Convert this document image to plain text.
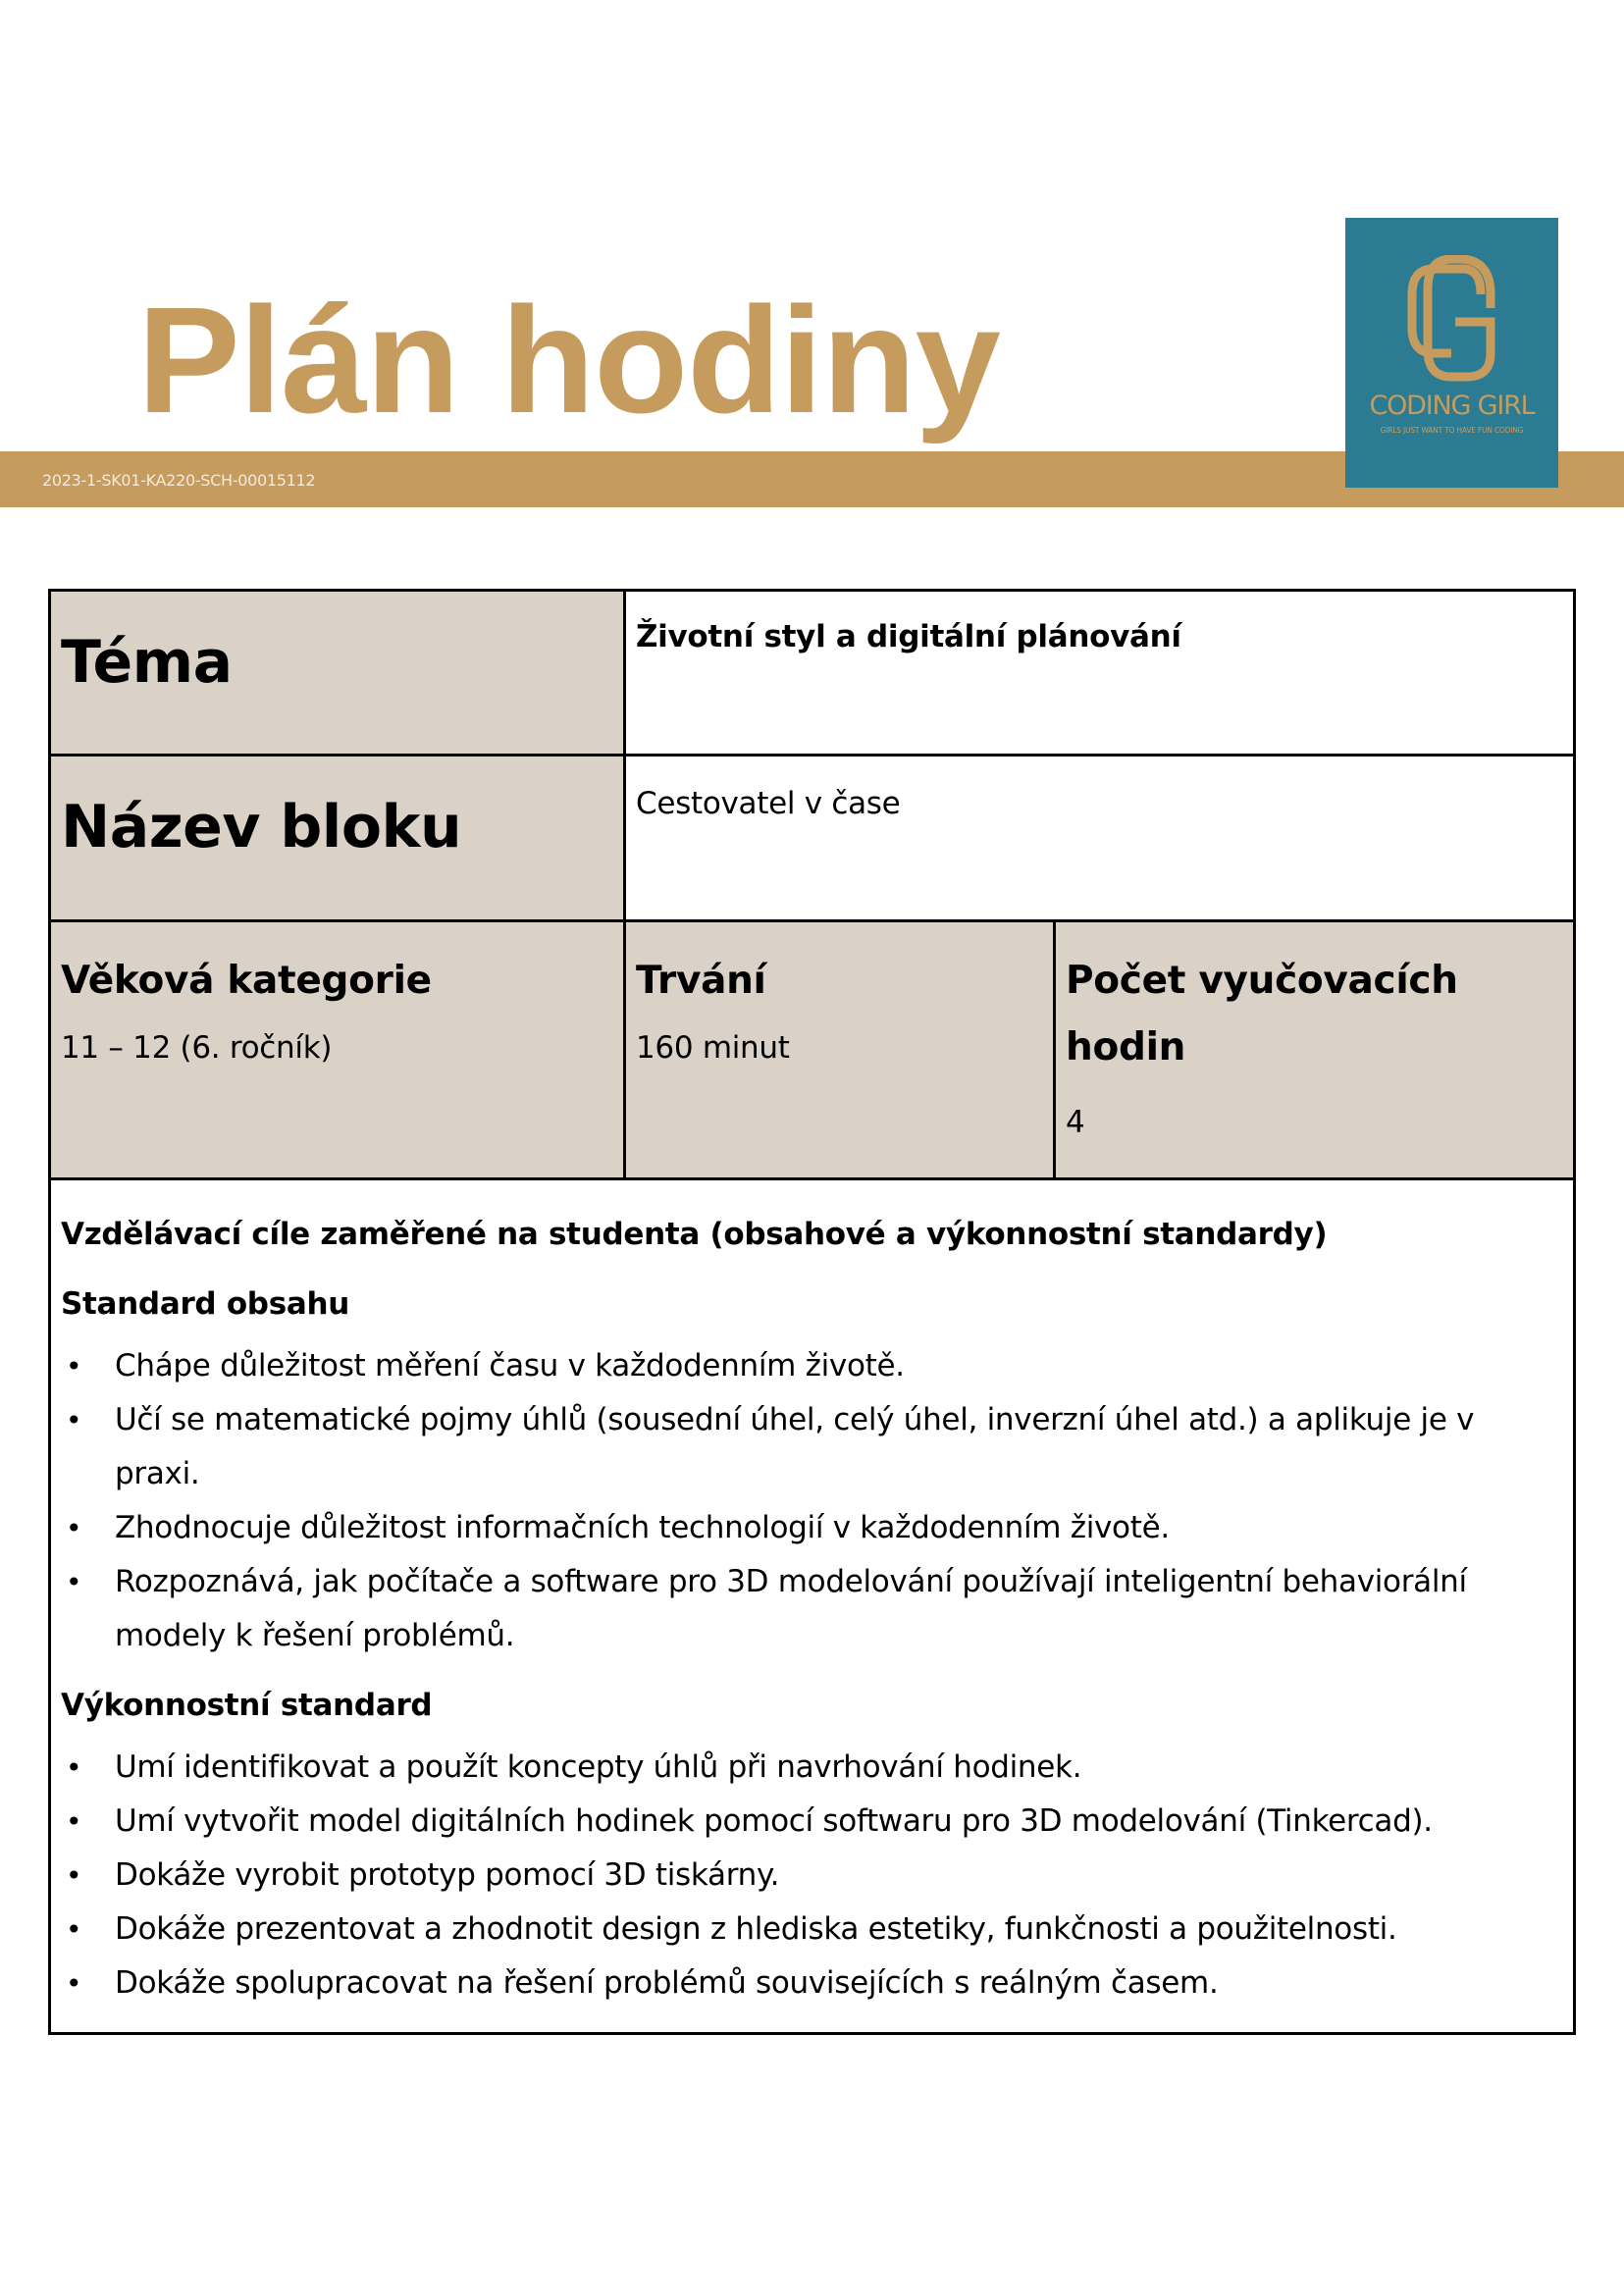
2023-1-SK01-KA220-SCH-00015112
Plán hodiny	CODING GIRL
GIRLS JUST WANT TO HAVE FUN CODING
Téma	Životní styl a digitální plánování	

Název bloku	Cestovatel v čase	

Věková kategorie
11 – 12 (6. ročník)

Trvání
160 minut

Počet vyučovacích hodin
4

Vzdělávací cíle zaměřené na studenta (obsahové a výkonnostní standardy)
Standard obsahu
• Chápe důležitost měření času v každodenním životě.
• Učí se matematické pojmy úhlů (sousední úhel, celý úhel, inverzní úhel atd.) a aplikuje je v praxi.
• Zhodnocuje důležitost informačních technologií v každodenním životě.
• Rozpoznává, jak počítače a software pro 3D modelování používají inteligentní behaviorální modely k řešení problémů.
Výkonnostní standard
• Umí identifikovat a použít koncepty úhlů při navrhování hodinek.
• Umí vytvořit model digitálních hodinek pomocí softwaru pro 3D modelování (Tinkercad).
• Dokáže vyrobit prototyp pomocí 3D tiskárny.
• Dokáže prezentovat a zhodnotit design z hlediska estetiky, funkčnosti a použitelnosti.
• Dokáže spolupracovat na řešení problémů souvisejících s reálným časem.
